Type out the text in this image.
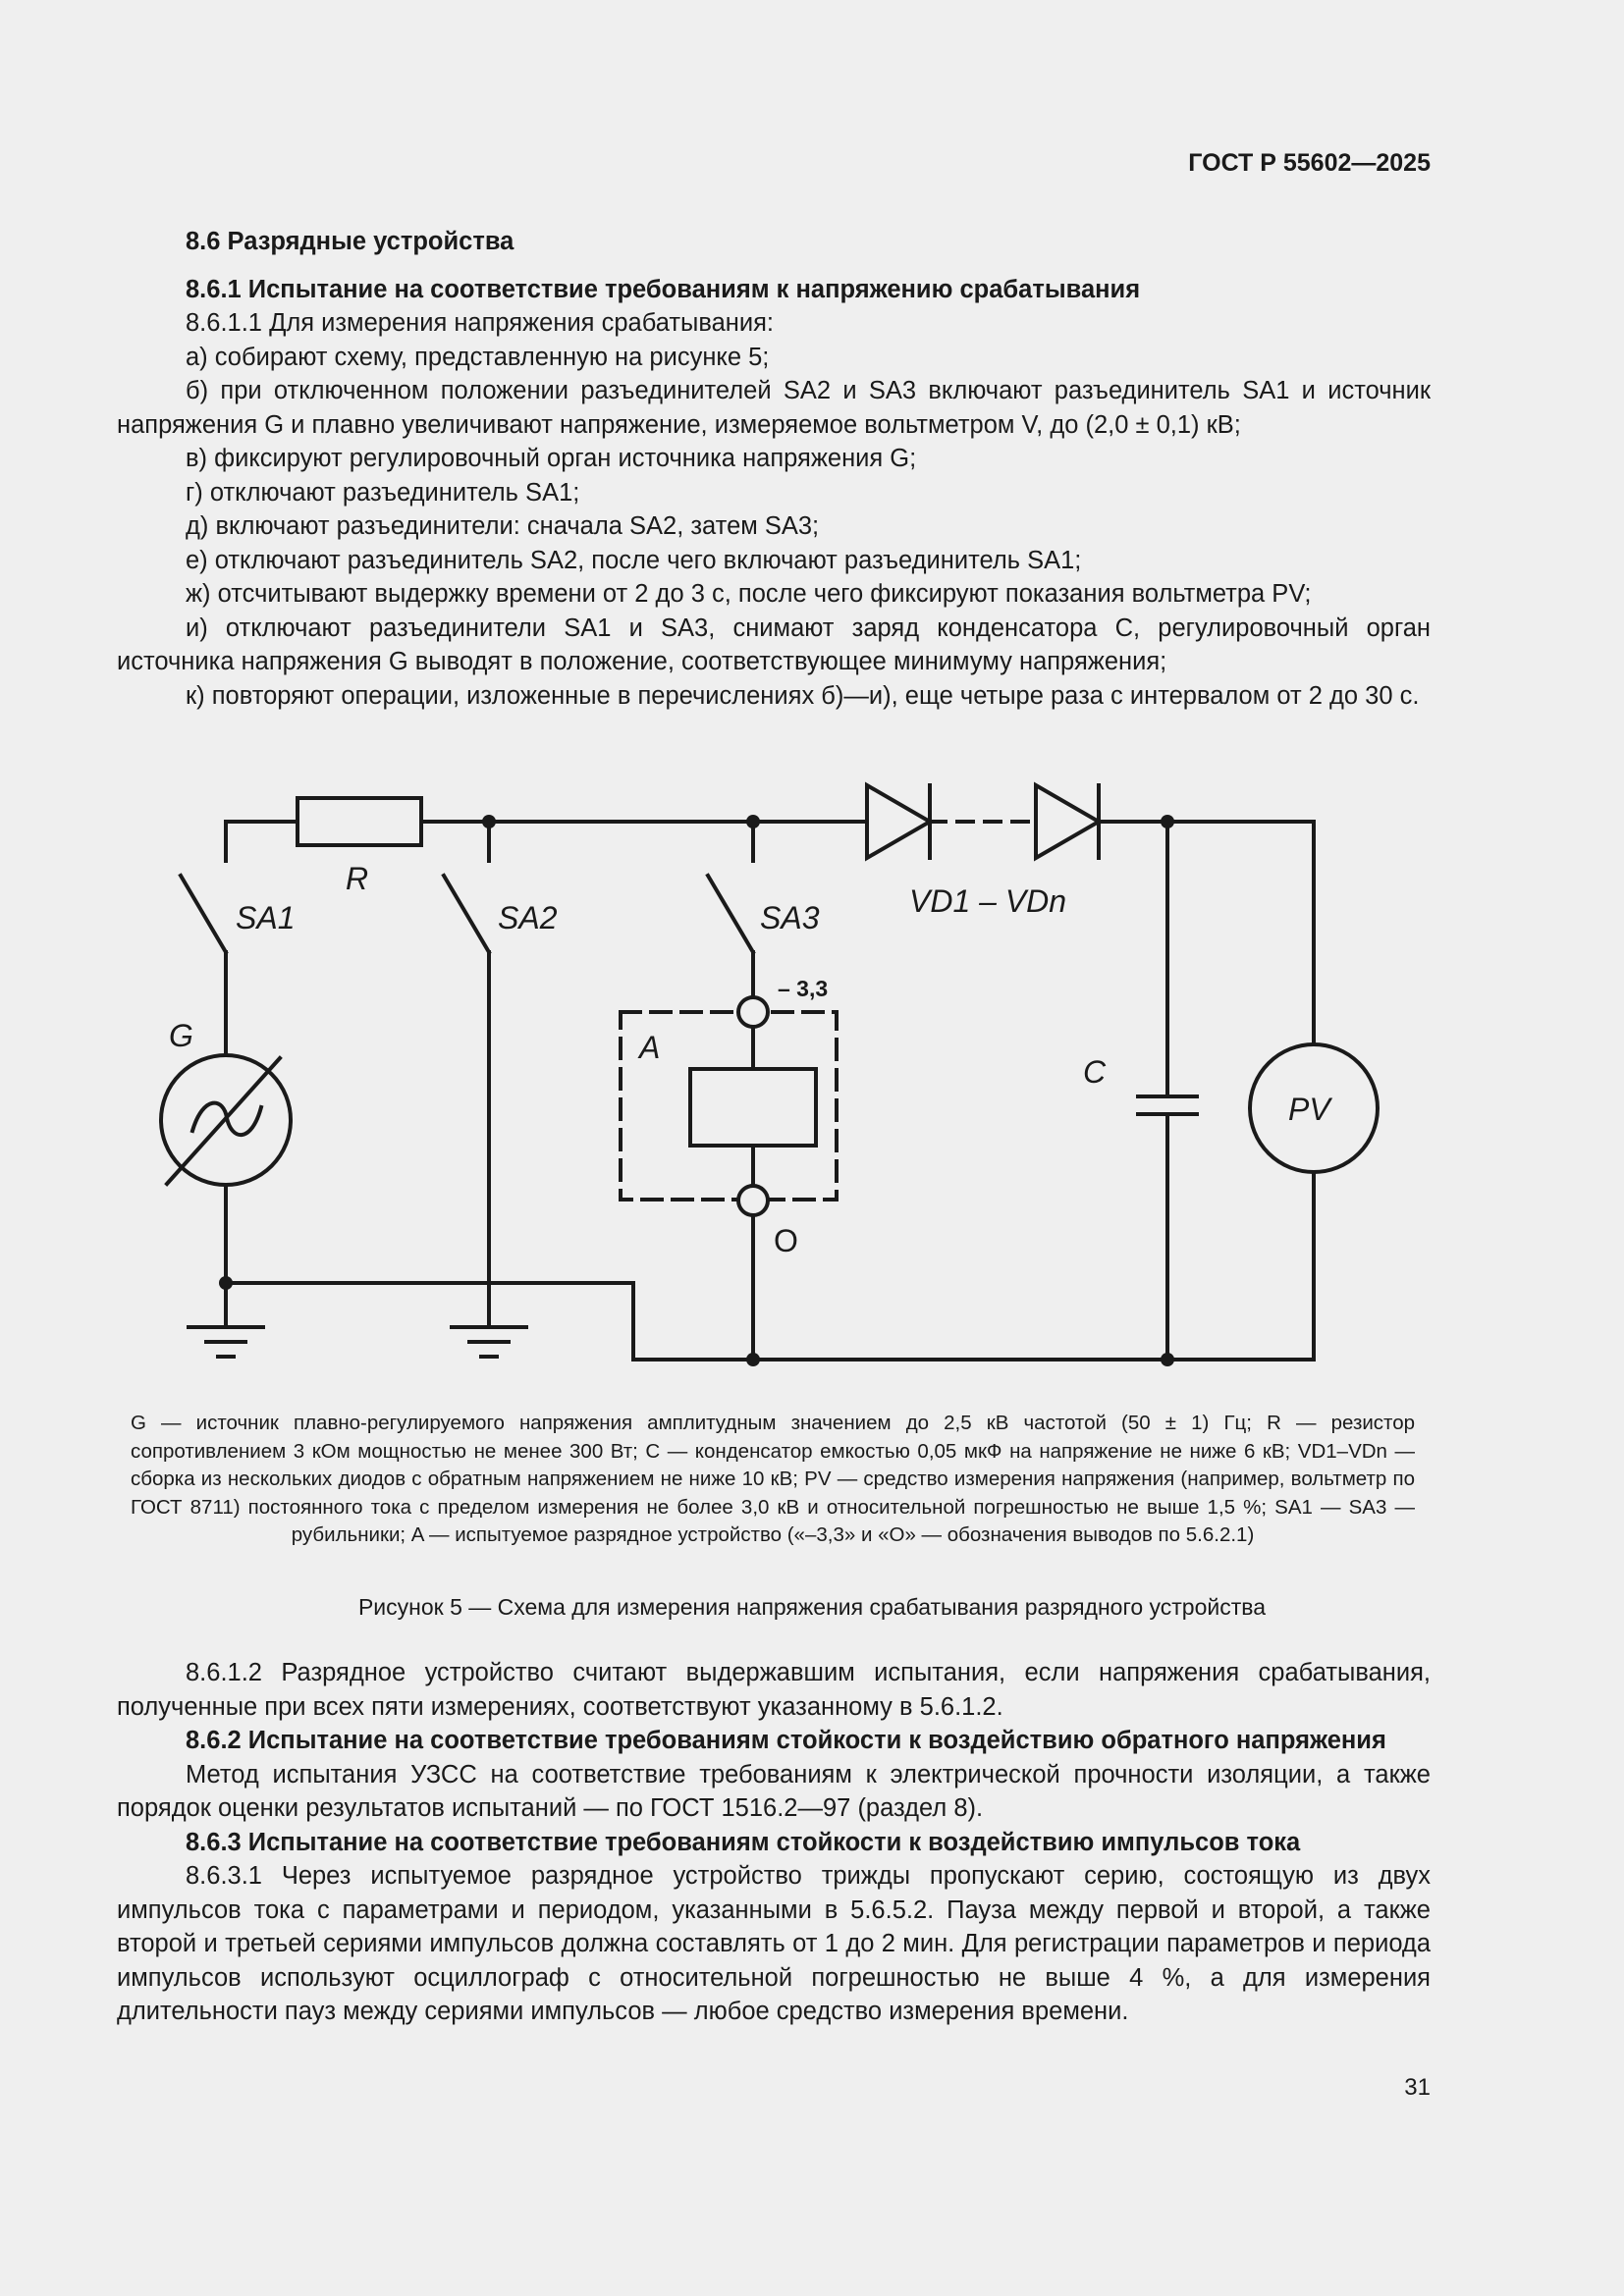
ГОСТ Р 55602—2025

8.6 Разрядные устройства

8.6.1 Испытание на соответствие требованиям к напряжению срабатывания

8.6.1.1 Для измерения напряжения срабатывания:

а) собирают схему, представленную на рисунке 5;

б) при отключенном положении разъединителей SA2 и SA3 включают разъединитель SA1 и источник напряжения G и плавно увеличивают напряжение, измеряемое вольтметром V, до (2,0 ± 0,1) кВ;

в) фиксируют регулировочный орган источника напряжения G;

г) отключают разъединитель SA1;

д) включают разъединители: сначала SA2, затем SA3;

е) отключают разъединитель SA2, после чего включают разъединитель SA1;

ж) отсчитывают выдержку времени от 2 до 3 с, после чего фиксируют показания вольтметра PV;

и) отключают разъединители SA1 и SA3, снимают заряд конденсатора C, регулировочный орган источника напряжения G выводят в положение, соответствующее минимуму напряжения;

к) повторяют операции, изложенные в перечислениях б)—и), еще четыре раза с интервалом от 2 до 30 с.

R
SA1	SA2	SA3	VD1 – VDn
G	A
C
PV
– 3,3
O
G — источник плавно-регулируемого напряжения амплитудным значением до 2,5 кВ частотой (50 ± 1) Гц; R — резистор сопротивлением 3 кОм мощностью не менее 300 Вт; C — конденсатор емкостью 0,05 мкФ на напряжение не ниже 6 кВ; VD1–VDn — сборка из нескольких диодов с обратным напряжением не ниже 10 кВ; PV — средство измерения напряжения (например, вольтметр по ГОСТ 8711) постоянного тока с пределом измерения не более 3,0 кВ и относительной погрешностью не выше 1,5 %; SA1 — SA3 — рубильники; A — испытуемое разрядное устройство («–3,3» и «O» — обозначения выводов по 5.6.2.1)
Рисунок 5 — Схема для измерения напряжения срабатывания разрядного устройства

8.6.1.2 Разрядное устройство считают выдержавшим испытания, если напряжения срабатывания, полученные при всех пяти измерениях, соответствуют указанному в 5.6.1.2.

8.6.2 Испытание на соответствие требованиям стойкости к воздействию обратного напряжения

Метод испытания УЗСС на соответствие требованиям к электрической прочности изоляции, а также порядок оценки результатов испытаний — по ГОСТ 1516.2—97 (раздел 8).

8.6.3 Испытание на соответствие требованиям стойкости к воздействию импульсов тока

8.6.3.1 Через испытуемое разрядное устройство трижды пропускают серию, состоящую из двух импульсов тока с параметрами и периодом, указанными в 5.6.5.2. Пауза между первой и второй, а также второй и третьей сериями импульсов должна составлять от 1 до 2 мин. Для регистрации параметров и периода импульсов используют осциллограф с относительной погрешностью не выше 4 %, а для измерения длительности пауз между сериями импульсов — любое средство измерения времени.

31
